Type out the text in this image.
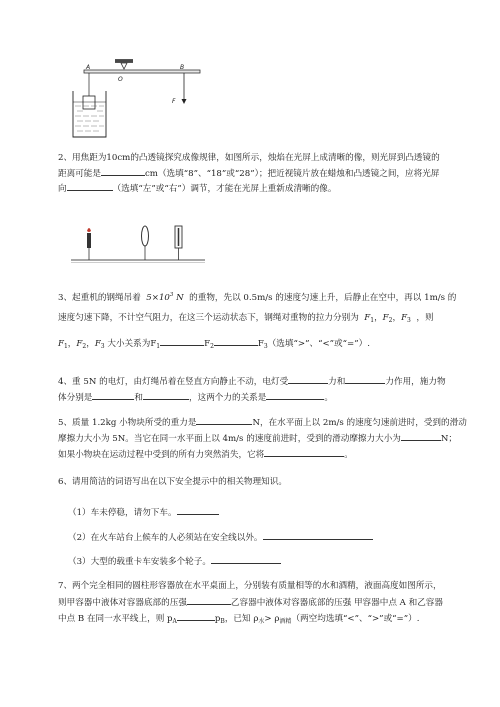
A
O
B
F
2、用焦距为10cm的凸透镜探究成像规律，如图所示，烛焰在光屏上成清晰的像，则光屏到凸透镜的
距离可能是	cm（选填“8”、“18”或“28”）；把近视镜片放在蜡烛和凸透镜之间，应将光屏
向	（选填“左”或“右”）调节，才能在光屏上重新成清晰的像。
3、起重机的钢绳吊着 $5\times 10^3$ N 的重物，先以 0.5m/s 的速度匀速上升，后静止在空中，再以 1m/s 的
速度匀速下降，不计空气阻力，在这三个运动状态下，钢绳对重物的拉力分别为 $F_1$，$F_2$，$F_3$ ，则
$F_1$，$F_2$，$F_3$ 大小关系为$F_1$	$F_2$	$F_3$（选填“>”、“<”或“=”）.
4、重 5N 的电灯，由灯绳吊着在竖直方向静止不动，电灯受	力和	力作用，施力物
体分别是	和	，这两个力的关系是	。
5、质量 1.2kg 小物块所受的重力是	N，在水平面上以 2m/s 的速度匀速前进时，受到的滑动
摩擦力大小为 5N。当它在同一水平面上以 4m/s 的速度前进时，受到的滑动摩擦力大小为	N；
如果小物块在运动过程中受到的所有力突然消失，它将	。
6、请用简洁的词语写出在以下安全提示中的相关物理知识。
（1）车未停稳，请勿下车。
（2）在火车站台上候车的人必须站在安全线以外。
（3）大型的载重卡车安装多个轮子。
7、两个完全相同的圆柱形容器放在水平桌面上，分别装有质量相等的水和酒精，液面高度如图所示，
则甲容器中液体对容器底部的压强	乙容器中液体对容器底部的压强 甲容器中点 A 和乙容器
中点 B 在同一水平线上，则 $p_A$	$p_B$，已知 $\rho_水> \rho_{酒精}$（两空均选填“<”、“>”或“=”）.
